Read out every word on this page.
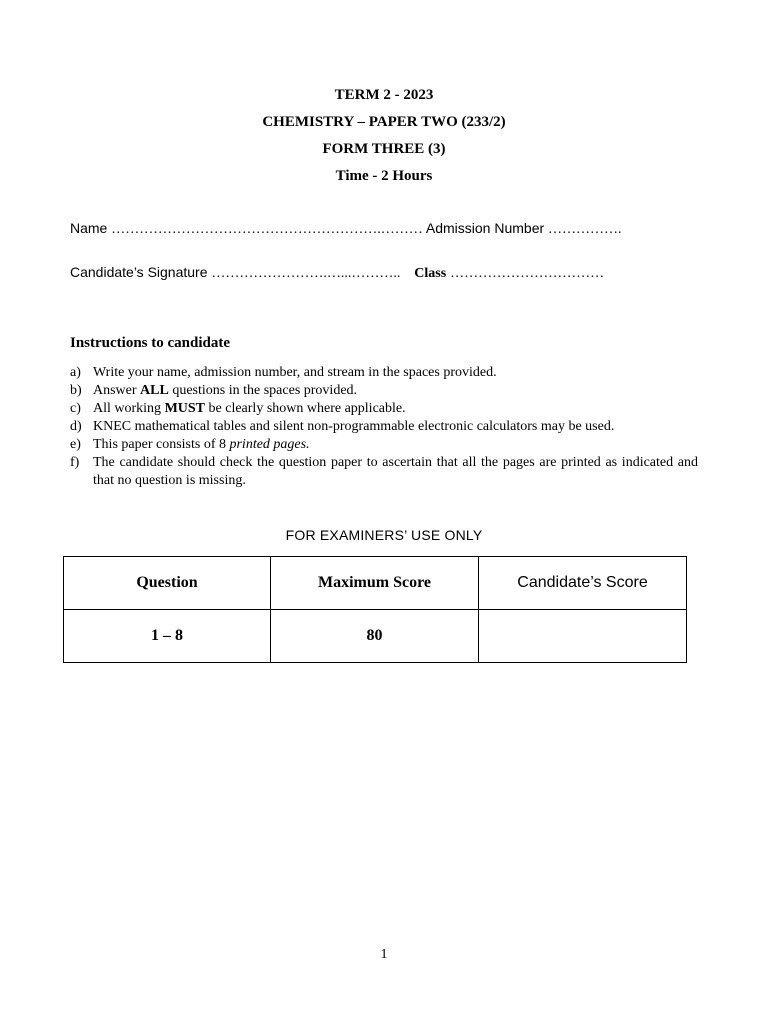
TERM 2 - 2023
CHEMISTRY – PAPER TWO (233/2)
FORM THREE (3)
Time - 2 Hours
Name ………………………………………………….……… Admission Number …………….
Candidate’s Signature …………………….…...……….. Class ……………………………
Instructions to candidate
a) Write your name, admission number, and stream in the spaces provided.
b) Answer ALL questions in the spaces provided.
c) All working MUST be clearly shown where applicable.
d) KNEC mathematical tables and silent non-programmable electronic calculators may be used.
e) This paper consists of 8 printed pages.
f) The candidate should check the question paper to ascertain that all the pages are printed as indicated and that no question is missing.
FOR EXAMINERS’ USE ONLY
Question	Maximum Score	Candidate’s Score
1 – 8	80	
1
